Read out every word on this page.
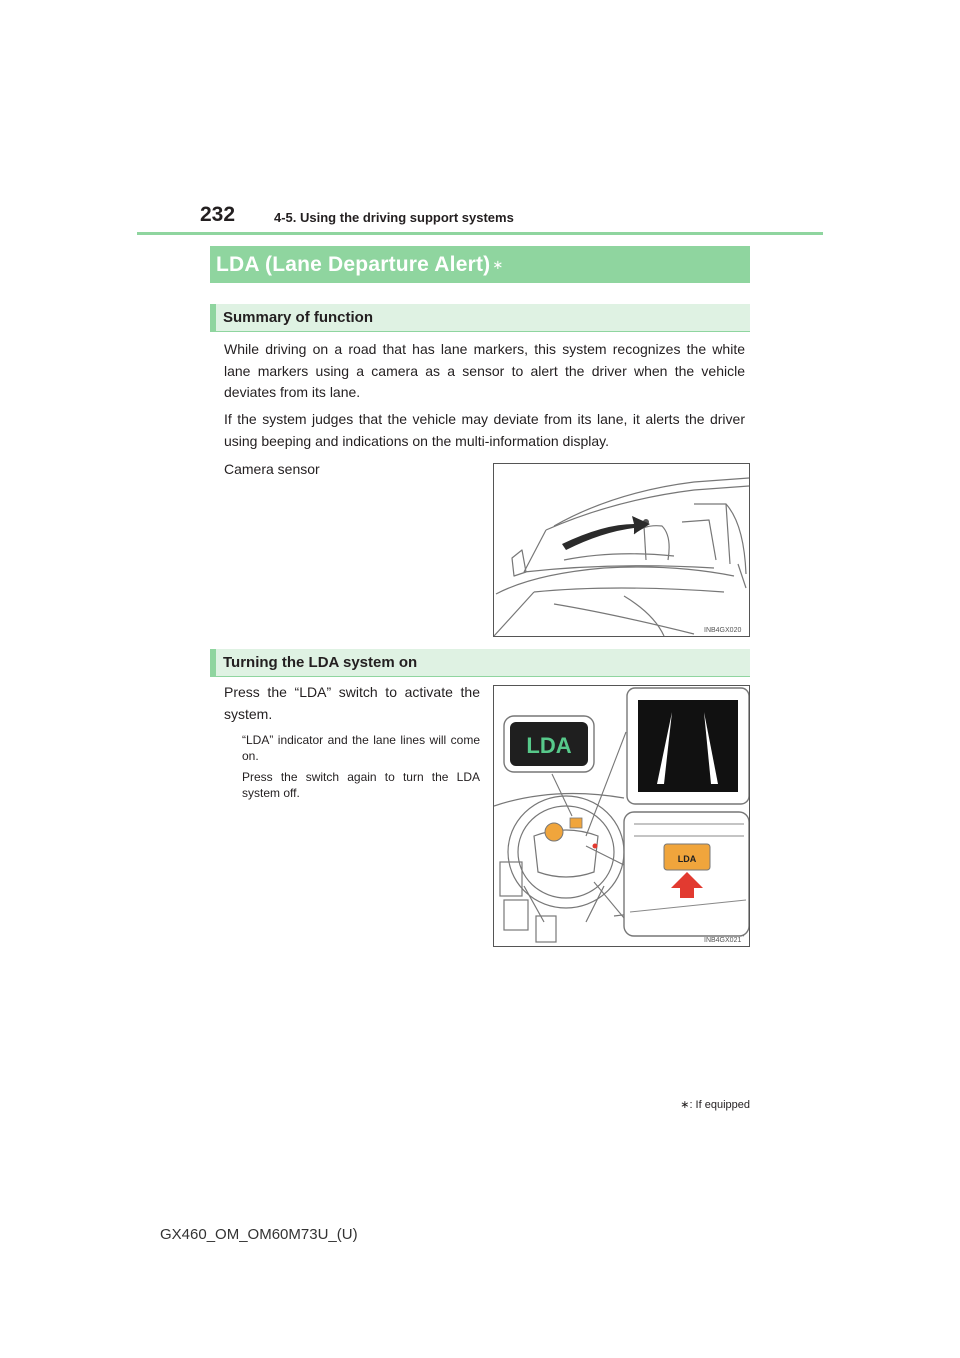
232	4-5. Using the driving support systems
LDA (Lane Departure Alert) ∗
Summary of function
While driving on a road that has lane markers, this system recognizes the white lane markers using a camera as a sensor to alert the driver when the vehicle deviates from its lane.
If the system judges that the vehicle may deviate from its lane, it alerts the driver using beeping and indications on the multi-information display.
Camera sensor
INB4GX020
Turning the LDA system on
Press the “LDA” switch to activate the system.
“LDA” indicator and the lane lines will come on.
Press the switch again to turn the LDA system off.
LDA
LDA
INB4GX021
∗: If equipped
GX460_OM_OM60M73U_(U)
